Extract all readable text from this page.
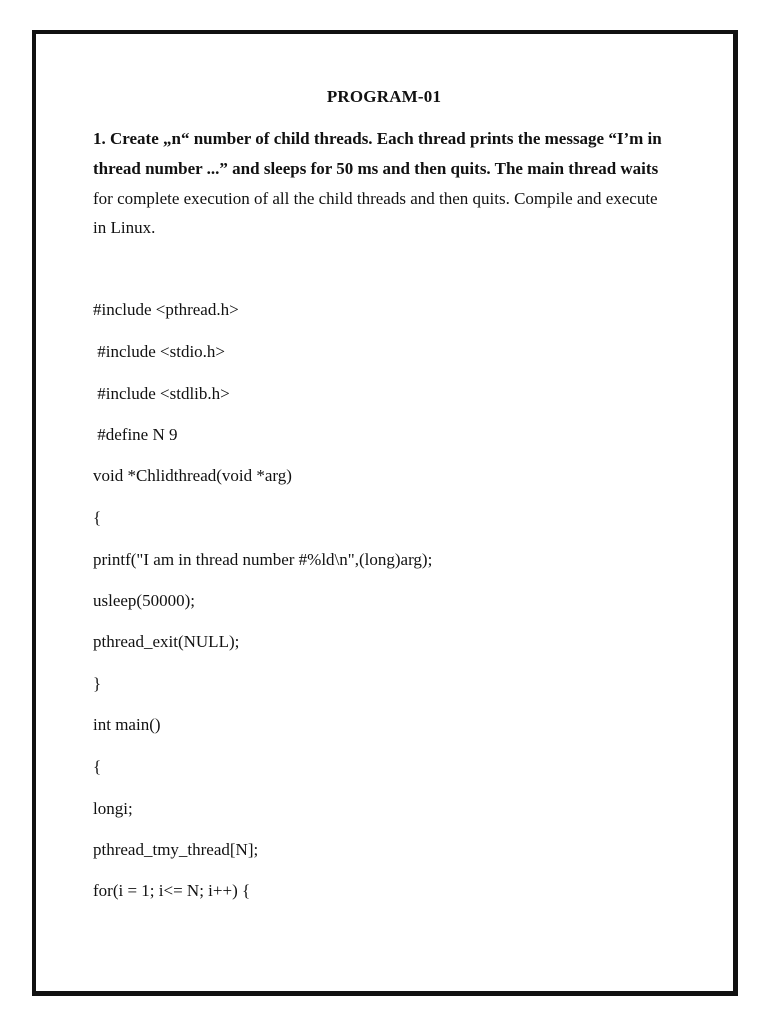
PROGRAM-01
1. Create „n“ number of child threads. Each thread prints the message “I’m in thread number ...” and sleeps for 50 ms and then quits. The main thread waits for complete execution of all the child threads and then quits. Compile and execute in Linux.
#include <pthread.h>
#include <stdio.h>
#include <stdlib.h>
#define N 9
void *Chlidthread(void *arg)
{
printf("I am in thread number #%ld\n",(long)arg);
usleep(50000);
pthread_exit(NULL);
}
int main()
{
longi;
pthread_tmy_thread[N];
for(i = 1; i<= N; i++) {
